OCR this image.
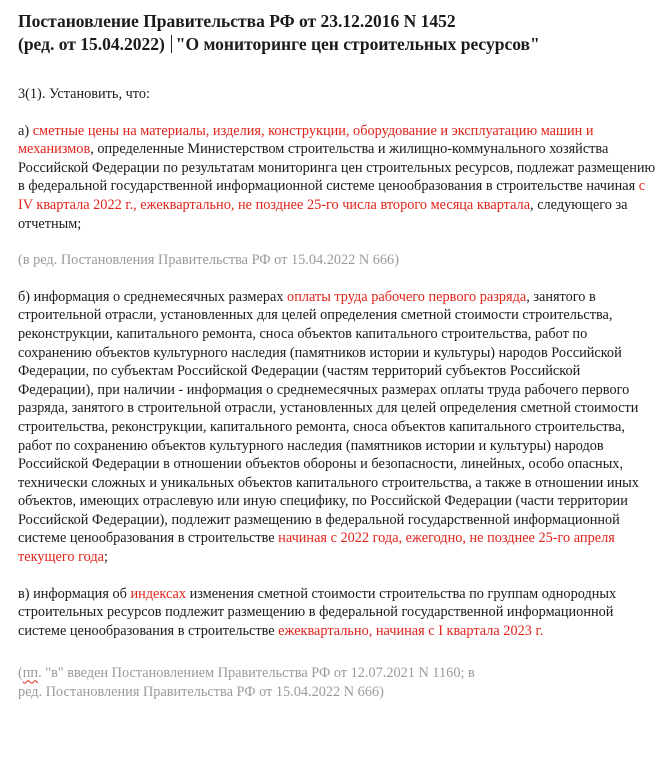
Постановление Правительства РФ от 23.12.2016 N 1452
(ред. от 15.04.2022) "О мониторинге цен строительных ресурсов"

3(1). Установить, что:

а) сметные цены на материалы, изделия, конструкции, оборудование и эксплуатацию машин и механизмов, определенные Министерством строительства и жилищно-коммунального хозяйства Российской Федерации по результатам мониторинга цен строительных ресурсов, подлежат размещению в федеральной государственной информационной системе ценообразования в строительстве начиная с IV квартала 2022 г., ежеквартально, не позднее 25-го числа второго месяца квартала, следующего за отчетным;

(в ред. Постановления Правительства РФ от 15.04.2022 N 666)

б) информация о среднемесячных размерах оплаты труда рабочего первого разряда, занятого в строительной отрасли, установленных для целей определения сметной стоимости строительства, реконструкции, капитального ремонта, сноса объектов капитального строительства, работ по сохранению объектов культурного наследия (памятников истории и культуры) народов Российской Федерации, по субъектам Российской Федерации (частям территорий субъектов Российской Федерации), при наличии - информация о среднемесячных размерах оплаты труда рабочего первого разряда, занятого в строительной отрасли, установленных для целей определения сметной стоимости строительства, реконструкции, капитального ремонта, сноса объектов капитального строительства, работ по сохранению объектов культурного наследия (памятников истории и культуры) народов Российской Федерации в отношении объектов обороны и безопасности, линейных, особо опасных, технически сложных и уникальных объектов капитального строительства, а также в отношении иных объектов, имеющих отраслевую или иную специфику, по Российской Федерации (части территории Российской Федерации), подлежит размещению в федеральной государственной информационной системе ценообразования в строительстве начиная с 2022 года, ежегодно, не позднее 25-го апреля текущего года;

в) информация об индексах изменения сметной стоимости строительства по группам однородных строительных ресурсов подлежит размещению в федеральной государственной информационной системе ценообразования в строительстве ежеквартально, начиная с I квартала 2023 г.

(пп. "в" введен Постановлением Правительства РФ от 12.07.2021 N 1160; в
ред. Постановления Правительства РФ от 15.04.2022 N 666)
